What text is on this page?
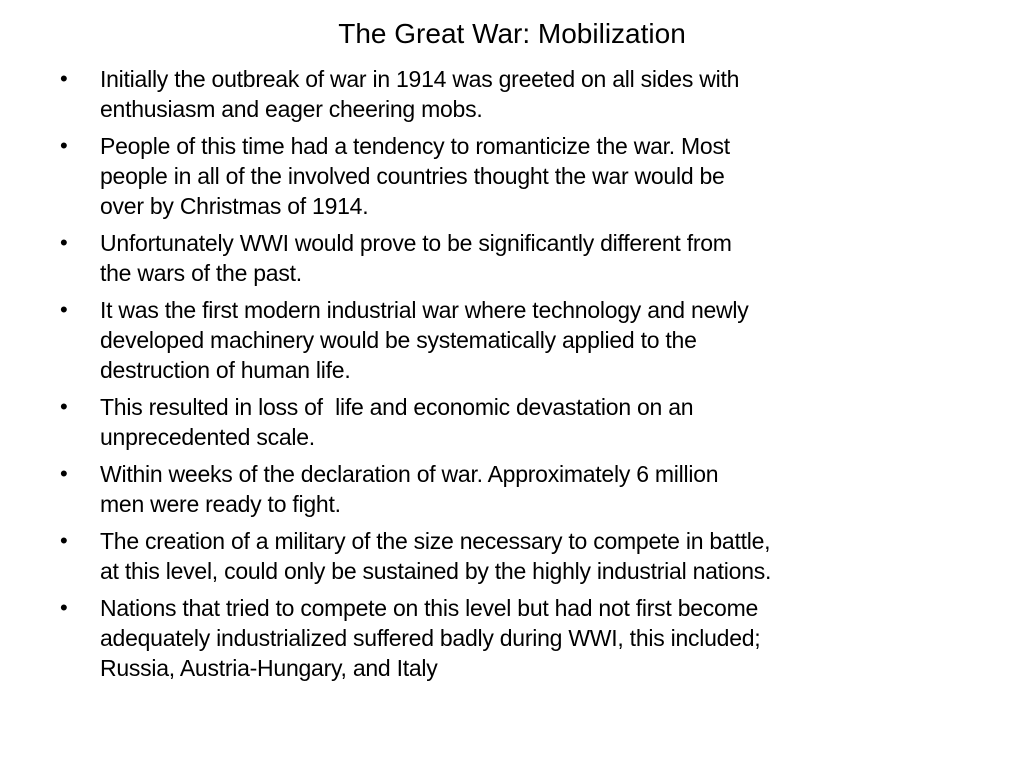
The Great War: Mobilization
•	Initially the outbreak of war in 1914 was greeted on all sides with
enthusiasm and eager cheering mobs.
•	People of this time had a tendency to romanticize the war. Most
people in all of the involved countries thought the war would be
over by Christmas of 1914.
•	Unfortunately WWI would prove to be significantly different from
the wars of the past.
•	It was the first modern industrial war where technology and newly
developed machinery would be systematically applied to the
destruction of human life.
•	This resulted in loss of  life and economic devastation on an
unprecedented scale.
•	Within weeks of the declaration of war. Approximately 6 million
men were ready to fight.
•	The creation of a military of the size necessary to compete in battle,
at this level, could only be sustained by the highly industrial nations.
•	Nations that tried to compete on this level but had not first become
adequately industrialized suffered badly during WWI, this included;
Russia, Austria-Hungary, and Italy
